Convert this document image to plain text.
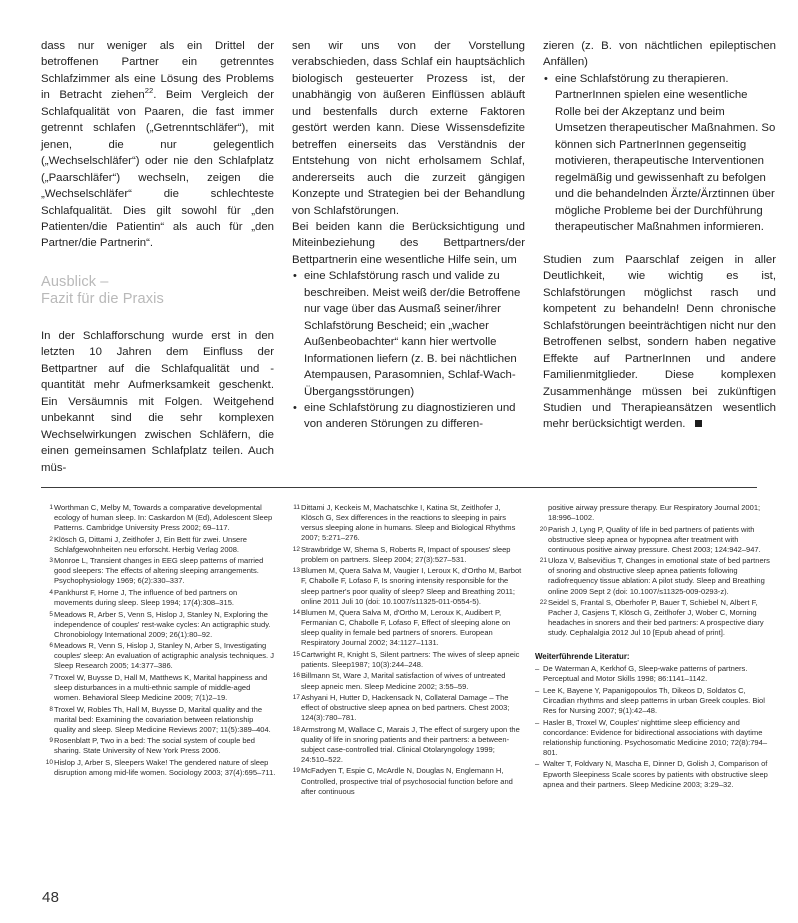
dass nur weniger als ein Drittel der betroffenen Partner ein getrenntes Schlafzimmer als eine Lösung des Problems in Betracht ziehen$^{22}$. Beim Vergleich der Schlafqualität von Paaren, die fast immer getrennt schlafen („Getrenntschläfer“), mit jenen, die nur gelegentlich („Wechselschläfer“) oder nie den Schlafplatz („Paarschläfer“) wechseln, zeigen die „Wechselschläfer“ die schlechteste Schlafqualität. Dies gilt sowohl für „den Patienten/die Patientin“ als auch für „den Partner/die Partnerin“.

Ausblick –
Fazit für die Praxis

In der Schlafforschung wurde erst in den letzten 10 Jahren dem Einfluss der Bettpartner auf die Schlafqualität und -quantität mehr Aufmerksamkeit geschenkt. Ein Versäumnis mit Folgen. Weitgehend unbekannt sind die sehr komplexen Wechselwirkungen zwischen Schläfern, die einen gemeinsamen Schlafplatz teilen. Auch müs-

sen wir uns von der Vorstellung verabschieden, dass Schlaf ein hauptsächlich biologisch gesteuerter Prozess ist, der unabhängig von äußeren Einflüssen abläuft und bestenfalls durch externe Faktoren gestört werden kann. Diese Wissensdefizite betreffen einerseits das Verständnis der Entstehung von nicht erholsamem Schlaf, andererseits auch die zurzeit gängigen Konzepte und Strategien bei der Behandlung von Schlafstörungen.

Bei beiden kann die Berücksichtigung und Miteinbeziehung des Bettpartners/der Bettpartnerin eine wesentliche Hilfe sein, um

• eine Schlafstörung rasch und valide zu beschreiben. Meist weiß der/die Betroffene nur vage über das Ausmaß seiner/ihrer Schlafstörung Bescheid; ein „wacher Außenbeobachter“ kann hier wertvolle Informationen liefern (z. B. bei nächtlichen Atempausen, Parasomnien, Schlaf-Wach-Übergangsstörungen)
• eine Schlafstörung zu diagnostizieren und von anderen Störungen zu differen-

zieren (z. B. von nächtlichen epileptischen Anfällen)

• eine Schlafstörung zu therapieren. PartnerInnen spielen eine wesentliche Rolle bei der Akzeptanz und beim Umsetzen therapeutischer Maßnahmen. So können sich PartnerInnen gegenseitig motivieren, therapeutische Interventionen regelmäßig und gewissenhaft zu befolgen und die behandelnden Ärzte/Ärztinnen über mögliche Probleme bei der Durchführung therapeutischer Maßnahmen informieren.

Studien zum Paarschlaf zeigen in aller Deutlichkeit, wie wichtig es ist, Schlafstörungen möglichst rasch und kompetent zu behandeln! Denn chronische Schlafstörungen beeinträchtigen nicht nur den Betroffenen selbst, sondern haben negative Effekte auf PartnerInnen und andere Familienmitglieder. Diese komplexen Zusammenhänge müssen bei zukünftigen Studien und Therapieansätzen wesentlich mehr berücksichtigt werden.

1 Worthman C, Melby M, Towards a comparative developmental ecology of human sleep. In: Caskardon M (Ed), Adolescent Sleep Patterns. Cambridge University Press 2002; 69–117.
2 Klösch G, Dittami J, Zeitlhofer J, Ein Bett für zwei. Unsere Schlafgewohnheiten neu erforscht. Herbig Verlag 2008.
3 Monroe L, Transient changes in EEG sleep patterns of married good sleepers: The effects of altering sleeping arrangements. Psychophysiology 1969; 6(2):330–337.
4 Pankhurst F, Horne J, The influence of bed partners on movements during sleep. Sleep 1994; 17(4):308–315.
5 Meadows R, Arber S, Venn S, Hislop J, Stanley N, Exploring the independence of couples' rest-wake cycles: An actigraphic study. Chronobiology International 2009; 26(1):80–92.
6 Meadows R, Venn S, Hislop J, Stanley N, Arber S, Investigating couples' sleep: An evaluation of actigraphic analysis techniques. J Sleep Research 2005; 14:377–386.
7 Troxel W, Buysse D, Hall M, Matthews K, Marital happiness and sleep disturbances in a multi-ethnic sample of middle-aged women. Behavioral Sleep Medicine 2009; 7(1)2–19.
8 Troxel W, Robles Th, Hall M, Buysse D, Marital quality and the marital bed: Examining the covariation between relationship quality and sleep. Sleep Medicine Reviews 2007; 11(5):389–404.
9 Rosenblatt P, Two in a bed: The social system of couple bed sharing. State University of New York Press 2006.
10 Hislop J, Arber S, Sleepers Wake! The gendered nature of sleep disruption among mid-life women. Sociology 2003; 37(4):695–711.
11 Dittami J, Keckeis M, Machatschke I, Katina St, Zeitlhofer J, Klösch G, Sex differences in the reactions to sleeping in pairs versus sleeping alone in humans. Sleep and Biological Rhythms 2007; 5:271–276.
12 Strawbridge W, Shema S, Roberts R, Impact of spouses' sleep problem on partners. Sleep 2004; 27(3):527–531.
13 Blumen M, Quera Salva M, Vaugier I, Leroux K, d'Ortho M, Barbot F, Chabolle F, Lofaso F, Is snoring intensity responsible for the sleep partner's poor quality of sleep? Sleep and Breathing 2011; online 2011 Juli 10 (doi: 10.1007/s11325-011-0554-5).
14 Blumen M, Quera Salva M, d'Ortho M, Leroux K, Audibert P, Fermanian C, Chabolle F, Lofaso F, Effect of sleeping alone on sleep quality in female bed partners of snorers. European Respiratory Journal 2002; 34:1127–1131.
15 Cartwright R, Knight S, Silent partners: The wives of sleep apneic patients. Sleep1987; 10(3):244–248.
16 Billmann St, Ware J, Marital satisfaction of wives of untreated sleep apneic men. Sleep Medicine 2002; 3:55–59.
17 Ashyani H, Hutter D, Hackensack N, Collateral Damage – The effect of obstructive sleep apnea on bed partners. Chest 2003; 124(3):780–781.
18 Armstrong M, Wallace C, Marais J, The effect of surgery upon the quality of life in snoring patients and their partners: a between-subject case-controlled trial. Clinical Otolaryngology 1999; 24:510–522.
19 McFadyen T, Espie C, McArdle N, Douglas N, Englemann H, Controlled, prospective trial of psychosocial function before and after continuous
positive airway pressure therapy. Eur Respiratory Journal 2001; 18:996–1002.
20 Parish J, Lyng P, Quality of life in bed partners of patients with obstructive sleep apnea or hypopnea after treatment with continuous positive airway pressure. Chest 2003; 124:942–947.
21 Uloza V, Balsevičius T, Changes in emotional state of bed partners of snoring and obstructive sleep apnea patients following radiofrequency tissue ablation: A pilot study. Sleep and Breathing online 2009 Sept 2 (doi: 10.1007/s11325-009-0293-z).
22 Seidel S, Frantal S, Oberhofer P, Bauer T, Schiebel N, Albert F, Pacher J, Casjens T, Klösch G, Zeitlhofer J, Wober C, Morning headaches in snorers and their bed partners: A prospective diary study. Cephalalgia 2012 Jul 10 [Epub ahead of print].
Weiterführende Literatur:
– De Waterman A, Kerkhof G, Sleep-wake patterns of partners. Perceptual and Motor Skills 1998; 86:1141–1142.
– Lee K, Bayene Y, Papanigopoulos Th, Dikeos D, Soldatos C, Circadian rhythms and sleep patterns in urban Greek couples. Biol Res for Nursing 2007; 9(1):42–48.
– Hasler B, Troxel W, Couples' nighttime sleep efficiency and concordance: Evidence for bidirectional associations with daytime relationship functioning. Psychosomatic Medicine 2010; 72(8):794–801.
– Walter T, Foldvary N, Mascha E, Dinner D, Golish J, Comparison of Epworth Sleepiness Scale scores by patients with obstructive sleep apnea and their partners. Sleep Medicine 2003; 3:29–32.
48
